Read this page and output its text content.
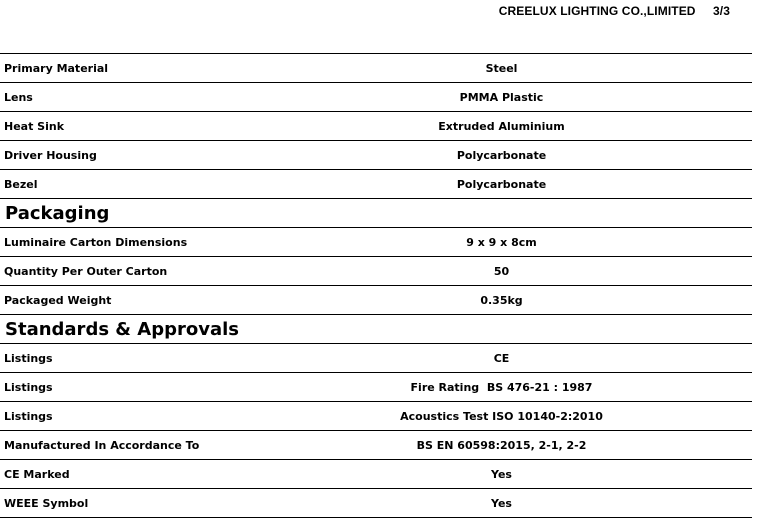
CREELUX LIGHTING CO.,LIMITED 3/3
Primary Material	Steel
Lens	PMMA Plastic
Heat Sink	Extruded Aluminium
Driver Housing	Polycarbonate
Bezel	Polycarbonate
Packaging
Luminaire Carton Dimensions	9 x 9 x 8cm
Quantity Per Outer Carton	50
Packaged Weight	0.35kg
Standards & Approvals
Listings	CE
Listings	Fire Rating  BS 476-21 : 1987
Listings	Acoustics Test ISO 10140-2:2010
Manufactured In Accordance To	BS EN 60598:2015, 2-1, 2-2
CE Marked	Yes
WEEE Symbol	Yes
